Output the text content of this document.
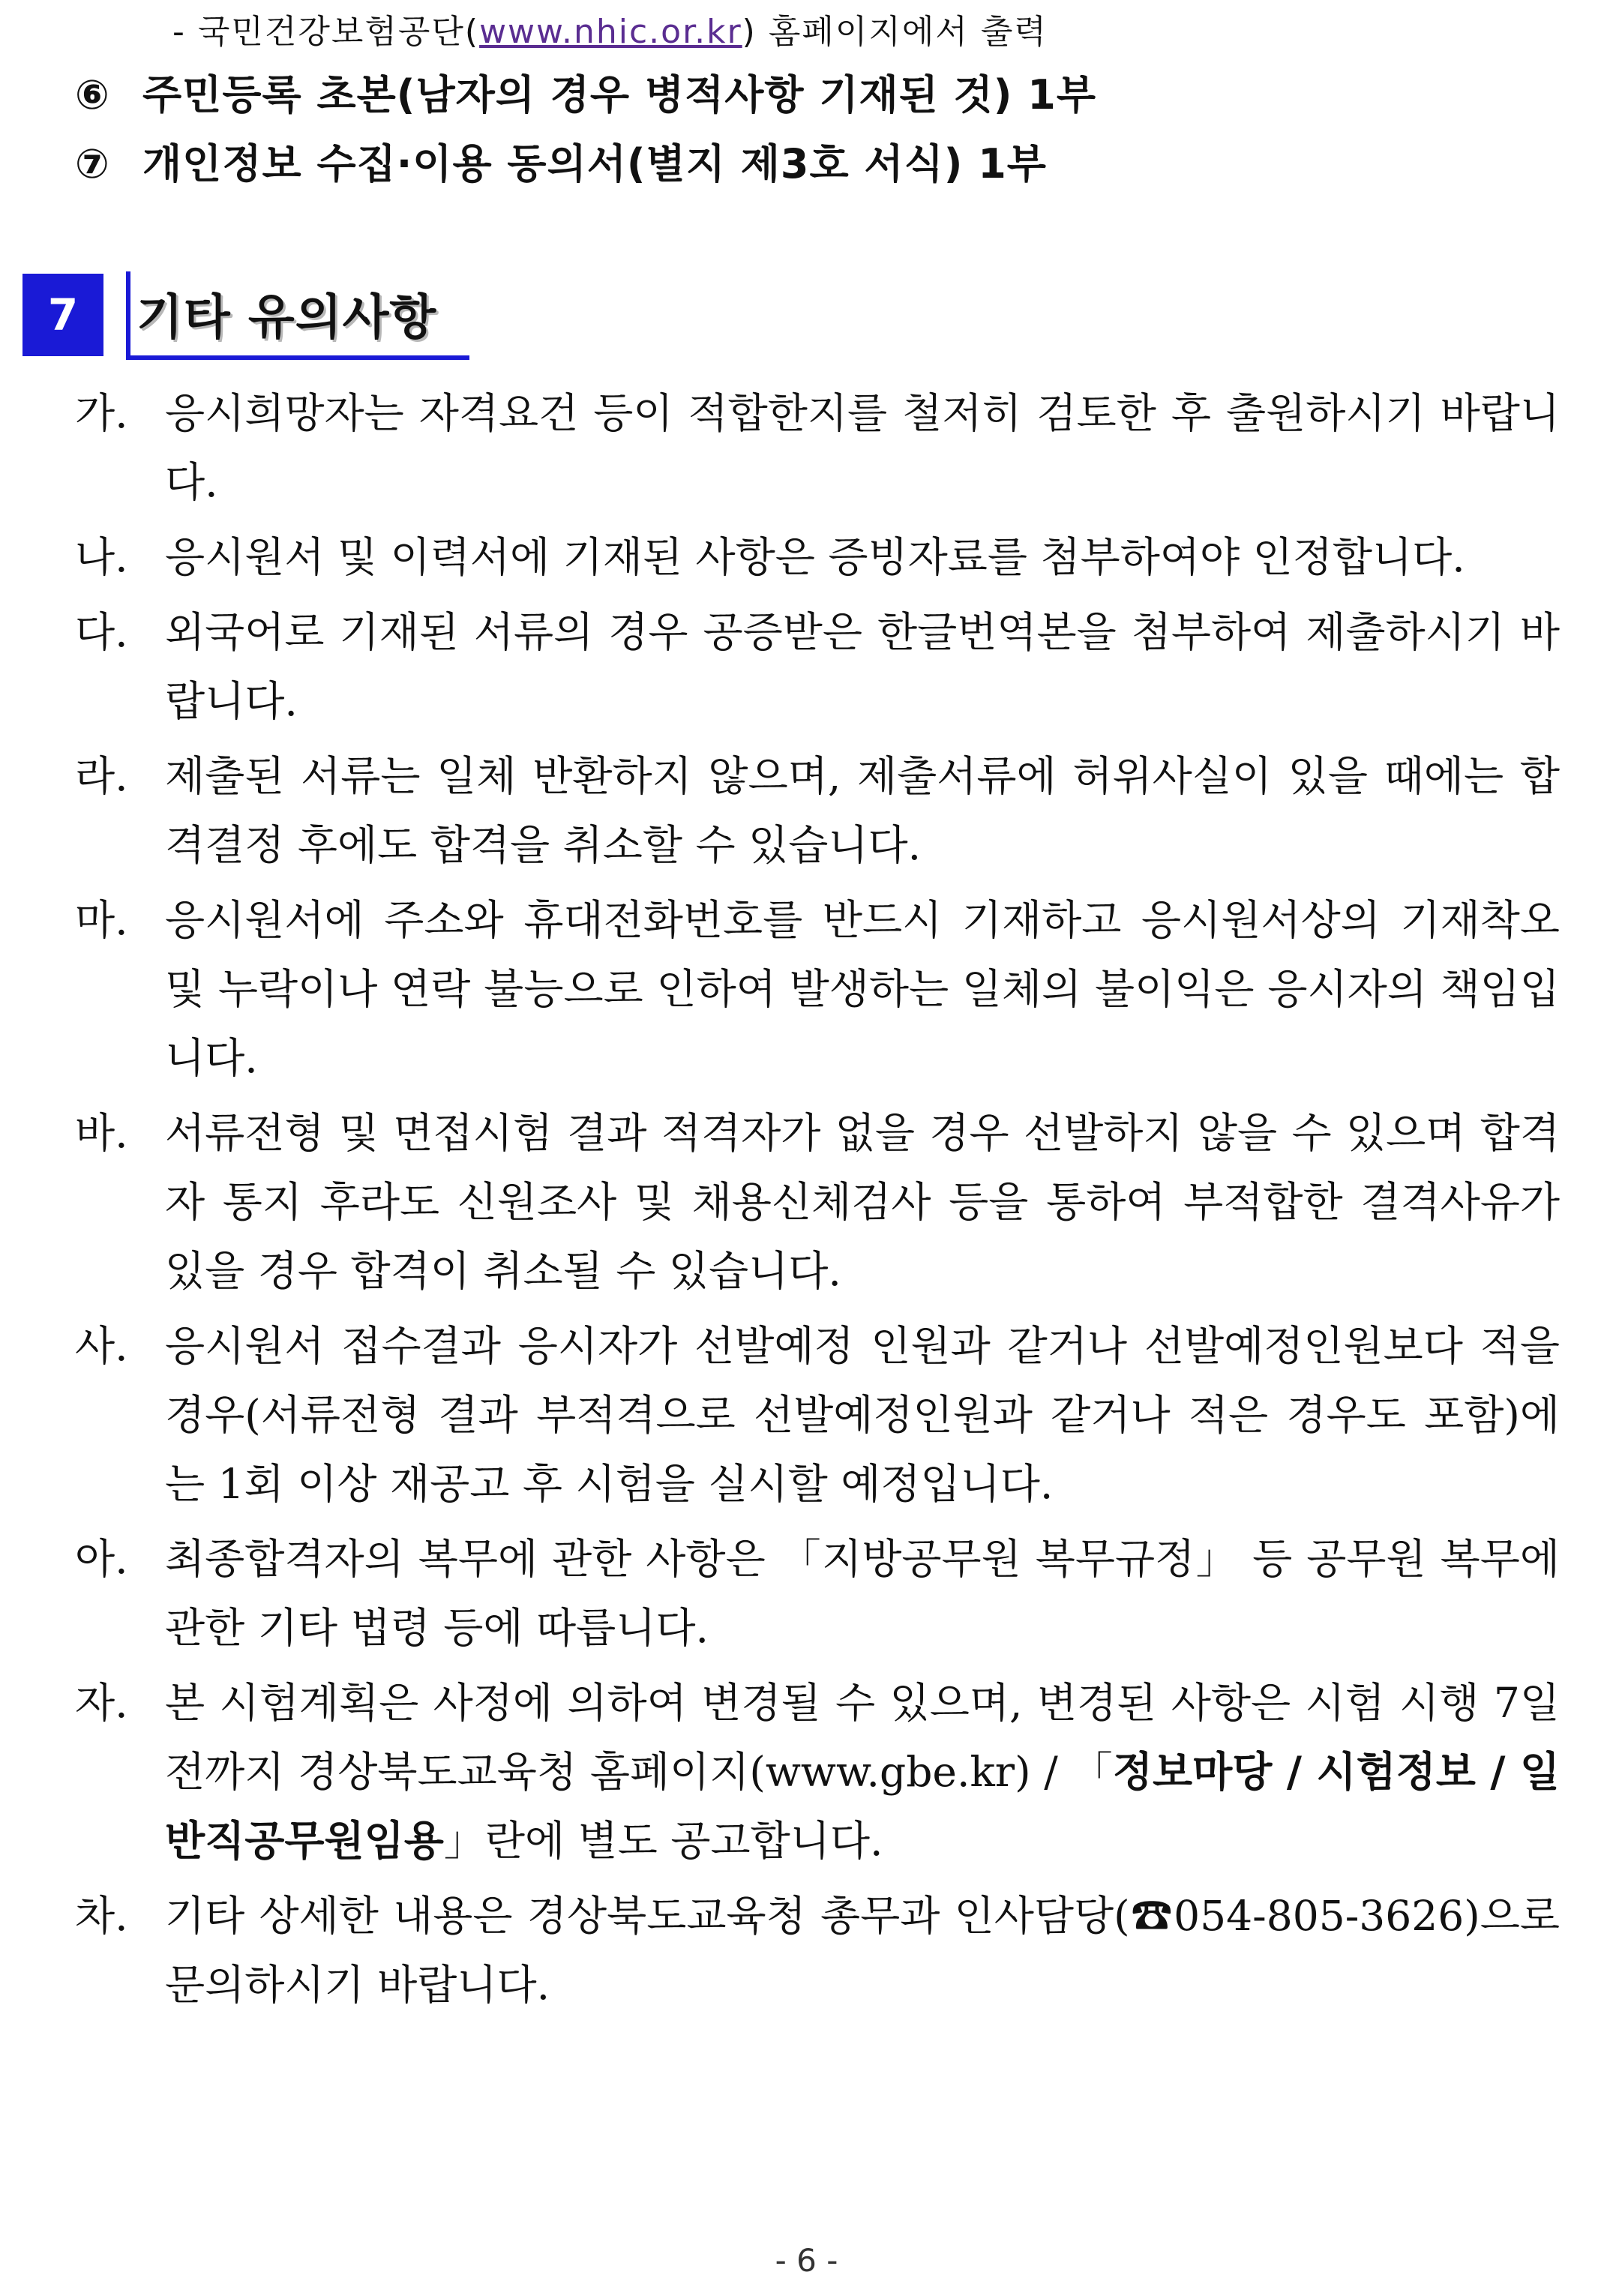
- 국민건강보험공단(www.nhic.or.kr) 홈페이지에서 출력
⑥ 주민등록 초본(남자의 경우 병적사항 기재된 것) 1부
⑦ 개인정보 수집·이용 동의서(별지 제3호 서식) 1부
7	기타 유의사항
가. 응시희망자는 자격요건 등이 적합한지를 철저히 검토한 후 출원하시기 바랍니다.
나. 응시원서 및 이력서에 기재된 사항은 증빙자료를 첨부하여야 인정합니다.
다. 외국어로 기재된 서류의 경우 공증받은 한글번역본을 첨부하여 제출하시기 바랍니다.
라. 제출된 서류는 일체 반환하지 않으며, 제출서류에 허위사실이 있을 때에는 합격결정 후에도 합격을 취소할 수 있습니다.
마. 응시원서에 주소와 휴대전화번호를 반드시 기재하고 응시원서상의 기재착오 및 누락이나 연락 불능으로 인하여 발생하는 일체의 불이익은 응시자의 책임입니다.
바. 서류전형 및 면접시험 결과 적격자가 없을 경우 선발하지 않을 수 있으며 합격자 통지 후라도 신원조사 및 채용신체검사 등을 통하여 부적합한 결격사유가 있을 경우 합격이 취소될 수 있습니다.
사. 응시원서 접수결과 응시자가 선발예정 인원과 같거나 선발예정인원보다 적을 경우(서류전형 결과 부적격으로 선발예정인원과 같거나 적은 경우도 포함)에는 1회 이상 재공고 후 시험을 실시할 예정입니다.
아. 최종합격자의 복무에 관한 사항은 「지방공무원 복무규정」 등 공무원 복무에 관한 기타 법령 등에 따릅니다.
자. 본 시험계획은 사정에 의하여 변경될 수 있으며, 변경된 사항은 시험 시행 7일전까지 경상북도교육청 홈페이지(www.gbe.kr) / 「정보마당 / 시험정보 / 일반직공무원임용」란에 별도 공고합니다.
차. 기타 상세한 내용은 경상북도교육청 총무과 인사담당(☎054-805-3626)으로 문의하시기 바랍니다.
- 6 -
